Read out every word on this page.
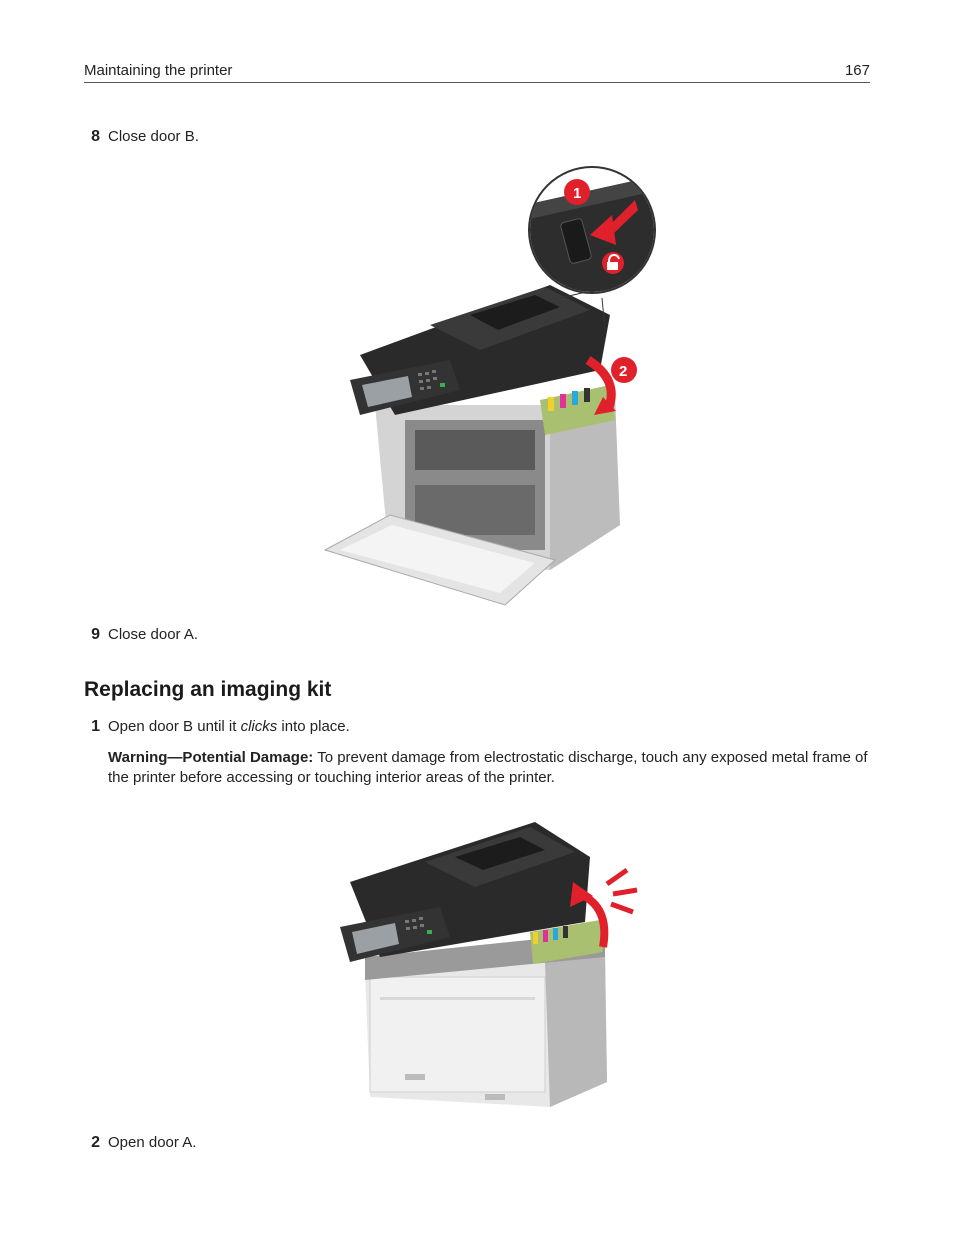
Maintaining the printer	167
8 Close door B.
1
2
9 Close door A.
Replacing an imaging kit
1 Open door B until it clicks into place.
Warning—Potential Damage: To prevent damage from electrostatic discharge, touch any exposed metal frame of the printer before accessing or touching interior areas of the printer.
2 Open door A.
